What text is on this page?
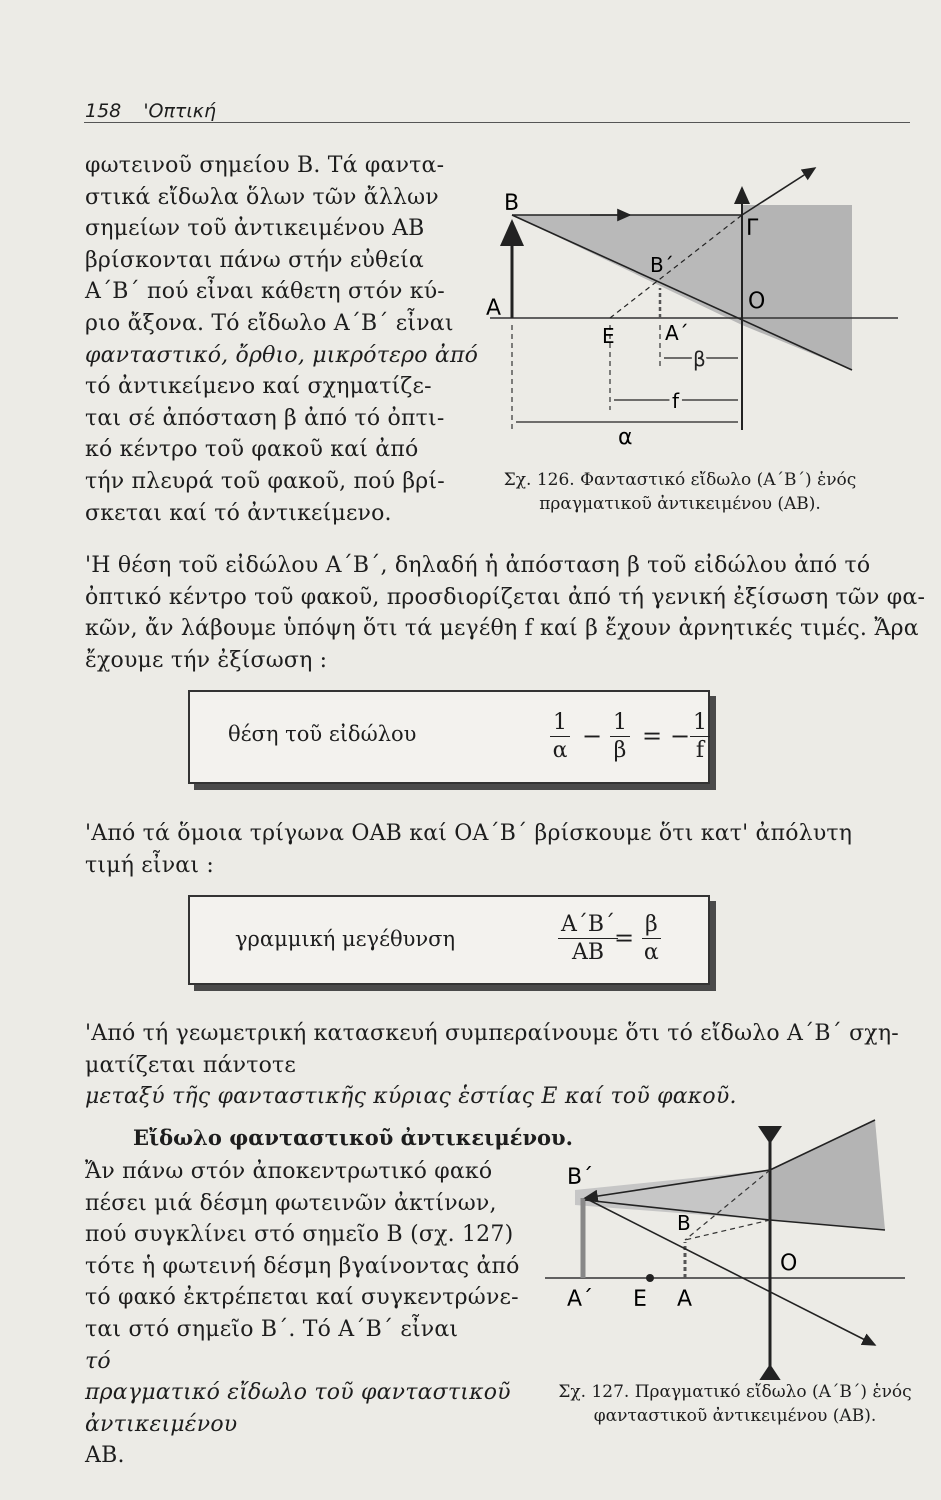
158 'Οπτική
φωτεινοῦ σημείου Β. Τά φαντα-
στικά εἴδωλα ὅλων τῶν ἄλλων
σημείων τοῦ ἀντικειμένου ΑΒ
βρίσκονται πάνω στήν εὐθεία
Α΄Β΄ πού εἶναι κάθετη στόν κύ-
ριο ἄξονα. Τό εἴδωλο Α΄Β΄ εἶναι
φανταστικό, ὄρθιο, μικρότερο ἀπό
τό ἀντικείμενο καί σχηματίζε-
ται σέ ἀπόσταση β ἀπό τό ὀπτι-
κό κέντρο τοῦ φακοῦ καί ἀπό
τήν πλευρά τοῦ φακοῦ, πού βρί-
σκεται καί τό ἀντικείμενο.
Β
Α
Β΄
Α΄
Ε
Ο
Γ
β
f
α
Σχ. 126. Φανταστικό εἴδωλο (Α΄Β΄) ἑνός
πραγματικοῦ ἀντικειμένου (ΑΒ).
'Η θέση τοῦ εἰδώλου Α΄Β΄, δηλαδή ἡ ἀπόσταση β τοῦ εἰδώλου ἀπό τό
ὀπτικό κέντρο τοῦ φακοῦ, προσδιορίζεται ἀπό τή γενική ἐξίσωση τῶν φα-
κῶν, ἄν λάβουμε ὑπόψη ὅτι τά μεγέθη f καί β ἔχουν ἀρνητικές τιμές. Ἄρα
ἔχουμε τήν ἐξίσωση :
θέση τοῦ εἰδώλου	$\frac{1}{\alpha} - \frac{1}{\beta}$ = − $\frac{1}{f}$
'Από τά ὅμοια τρίγωνα ΟΑΒ καί ΟΑ΄Β΄ βρίσκουμε ὅτι κατ' ἀπόλυτη
τιμή εἶναι :
γραμμική μεγέθυνση	$\frac{A΄B΄}{AB}$
= $\frac{\beta}{\alpha}$
'Από τή γεωμετρική κατασκευή συμπεραίνουμε ὅτι τό εἴδωλο Α΄Β΄ σχη-
ματίζεται πάντοτε
μεταξύ τῆς φανταστικῆς κύριας ἑστίας Ε καί τοῦ φακοῦ.
Εἴδωλο φανταστικοῦ ἀντικειμένου.
Ἄν πάνω στόν ἀποκεντρωτικό φακό
πέσει μιά δέσμη φωτεινῶν ἀκτίνων,
πού συγκλίνει στό σημεῖο Β (σχ. 127)
τότε ἡ φωτεινή δέσμη βγαίνοντας ἀπό
τό φακό ἐκτρέπεται καί συγκεντρώνε-
ται στό σημεῖο Β΄. Τό Α΄Β΄ εἶναι
τό
πραγματικό εἴδωλο τοῦ φανταστικοῦ
ἀντικειμένου
ΑΒ.
Β΄
Β
Α΄ Ε Α
Ο
Σχ. 127. Πραγματικό εἴδωλο (Α΄Β΄) ἑνός
φανταστικοῦ ἀντικειμένου (ΑΒ).
